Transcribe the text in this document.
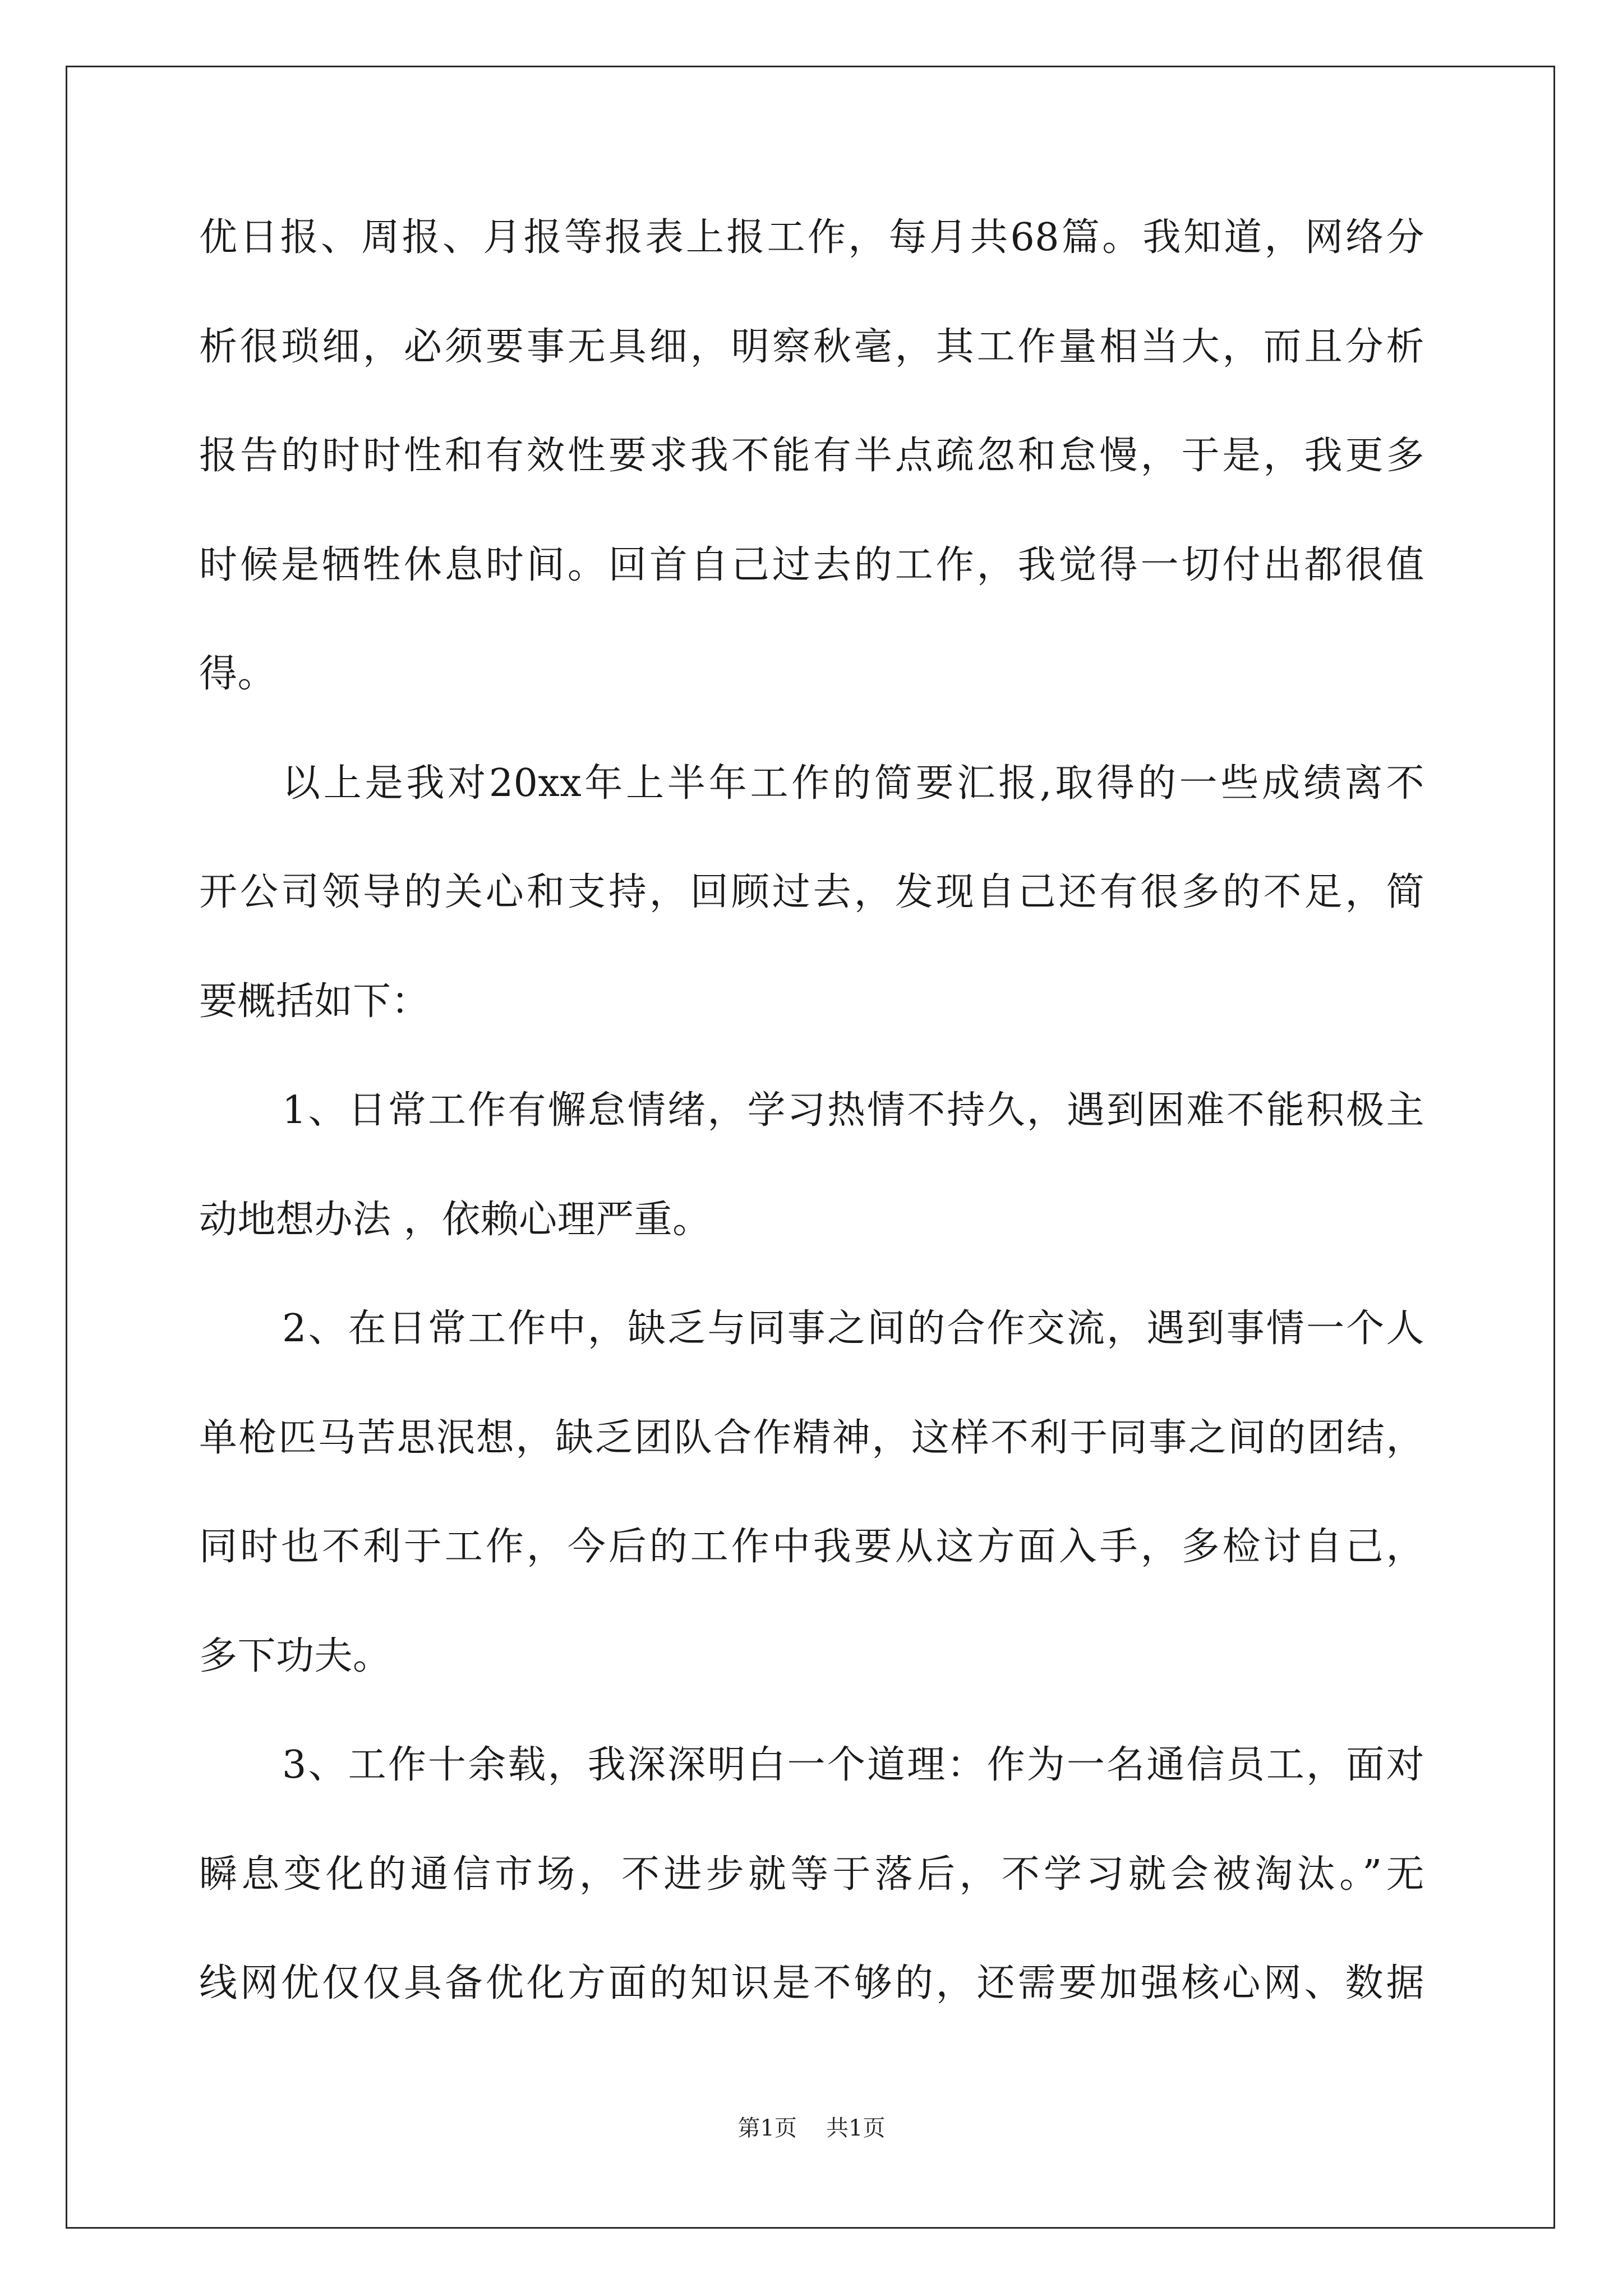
优日报、周报、月报等报表上报工作，每月共68篇。我知道，网络分
析很琐细，必须要事无具细，明察秋毫，其工作量相当大，而且分析
报告的时时性和有效性要求我不能有半点疏忽和怠慢，于是，我更多
时候是牺牲休息时间。回首自己过去的工作，我觉得一切付出都很值
得。
以上是我对20xx年上半年工作的简要汇报,取得的一些成绩离不
开公司领导的关心和支持，回顾过去，发现自己还有很多的不足，简
要概括如下：
1、日常工作有懈怠情绪，学习热情不持久，遇到困难不能积极主
动地想办法 ，依赖心理严重。
2、在日常工作中，缺乏与同事之间的合作交流，遇到事情一个人
单枪匹马苦思泯想，缺乏团队合作精神，这样不利于同事之间的团结，
同时也不利于工作，今后的工作中我要从这方面入手，多检讨自己，
多下功夫。
3、工作十余载，我深深明白一个道理：作为一名通信员工，面对
瞬息变化的通信市场，不进步就等于落后，不学习就会被淘汰。”无
线网优仅仅具备优化方面的知识是不够的，还需要加强核心网、数据
第1页 共1页
